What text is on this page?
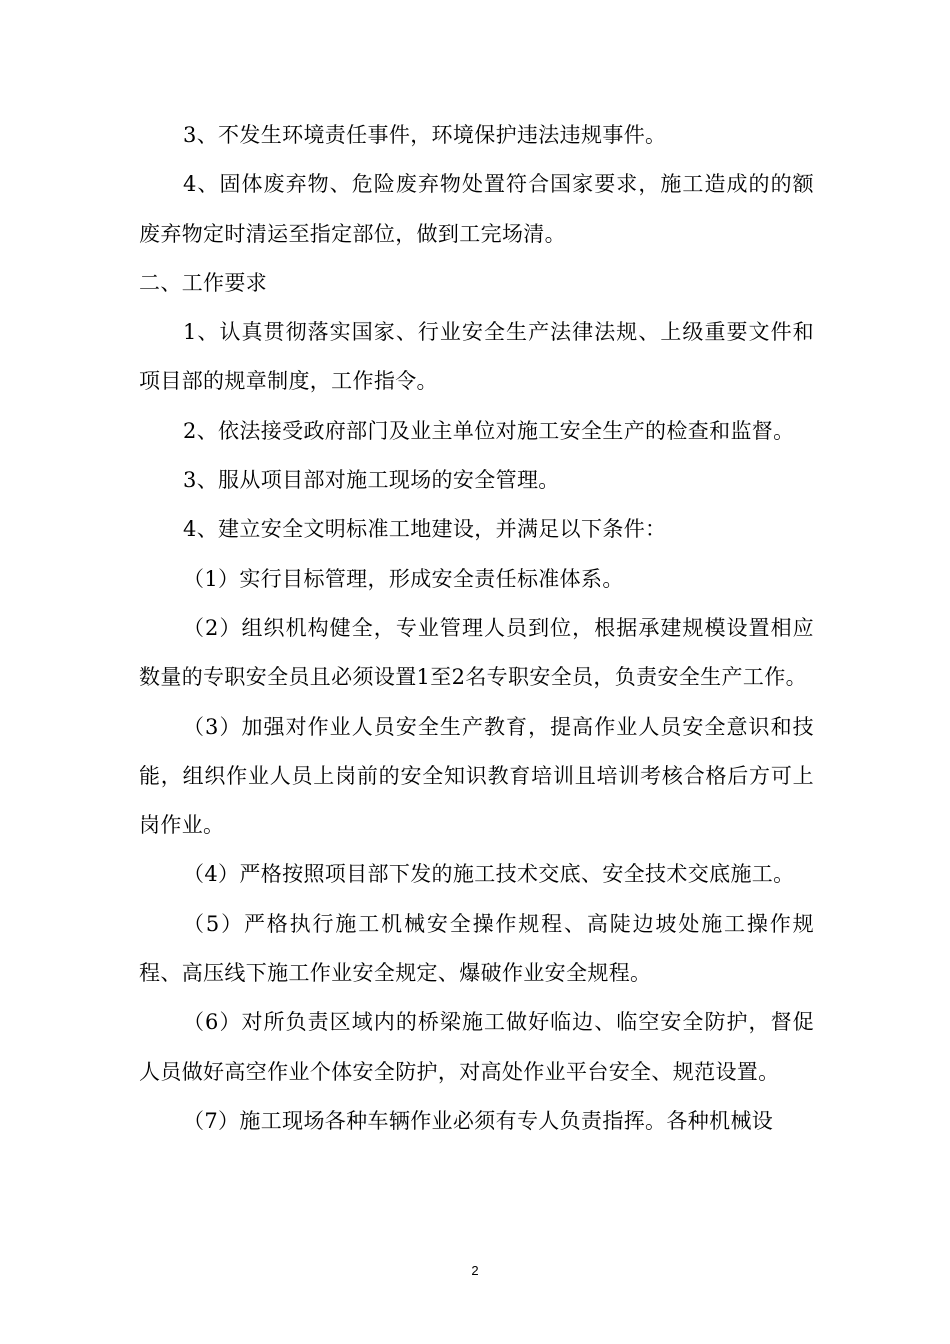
3、不发生环境责任事件，环境保护违法违规事件。

4、固体废弃物、危险废弃物处置符合国家要求，施工造成的的额废弃物定时清运至指定部位，做到工完场清。

二、工作要求

1、认真贯彻落实国家、行业安全生产法律法规、上级重要文件和项目部的规章制度，工作指令。

2、依法接受政府部门及业主单位对施工安全生产的检查和监督。

3、服从项目部对施工现场的安全管理。

4、建立安全文明标准工地建设，并满足以下条件：

（1）实行目标管理，形成安全责任标准体系。

（2）组织机构健全，专业管理人员到位，根据承建规模设置相应数量的专职安全员且必须设置1至2名专职安全员，负责安全生产工作。

（3）加强对作业人员安全生产教育，提高作业人员安全意识和技能，组织作业人员上岗前的安全知识教育培训且培训考核合格后方可上岗作业。

（4）严格按照项目部下发的施工技术交底、安全技术交底施工。

（5）严格执行施工机械安全操作规程、高陡边坡处施工操作规程、高压线下施工作业安全规定、爆破作业安全规程。

（6）对所负责区域内的桥梁施工做好临边、临空安全防护，督促人员做好高空作业个体安全防护，对高处作业平台安全、规范设置。

（7）施工现场各种车辆作业必须有专人负责指挥。各种机械设

2
